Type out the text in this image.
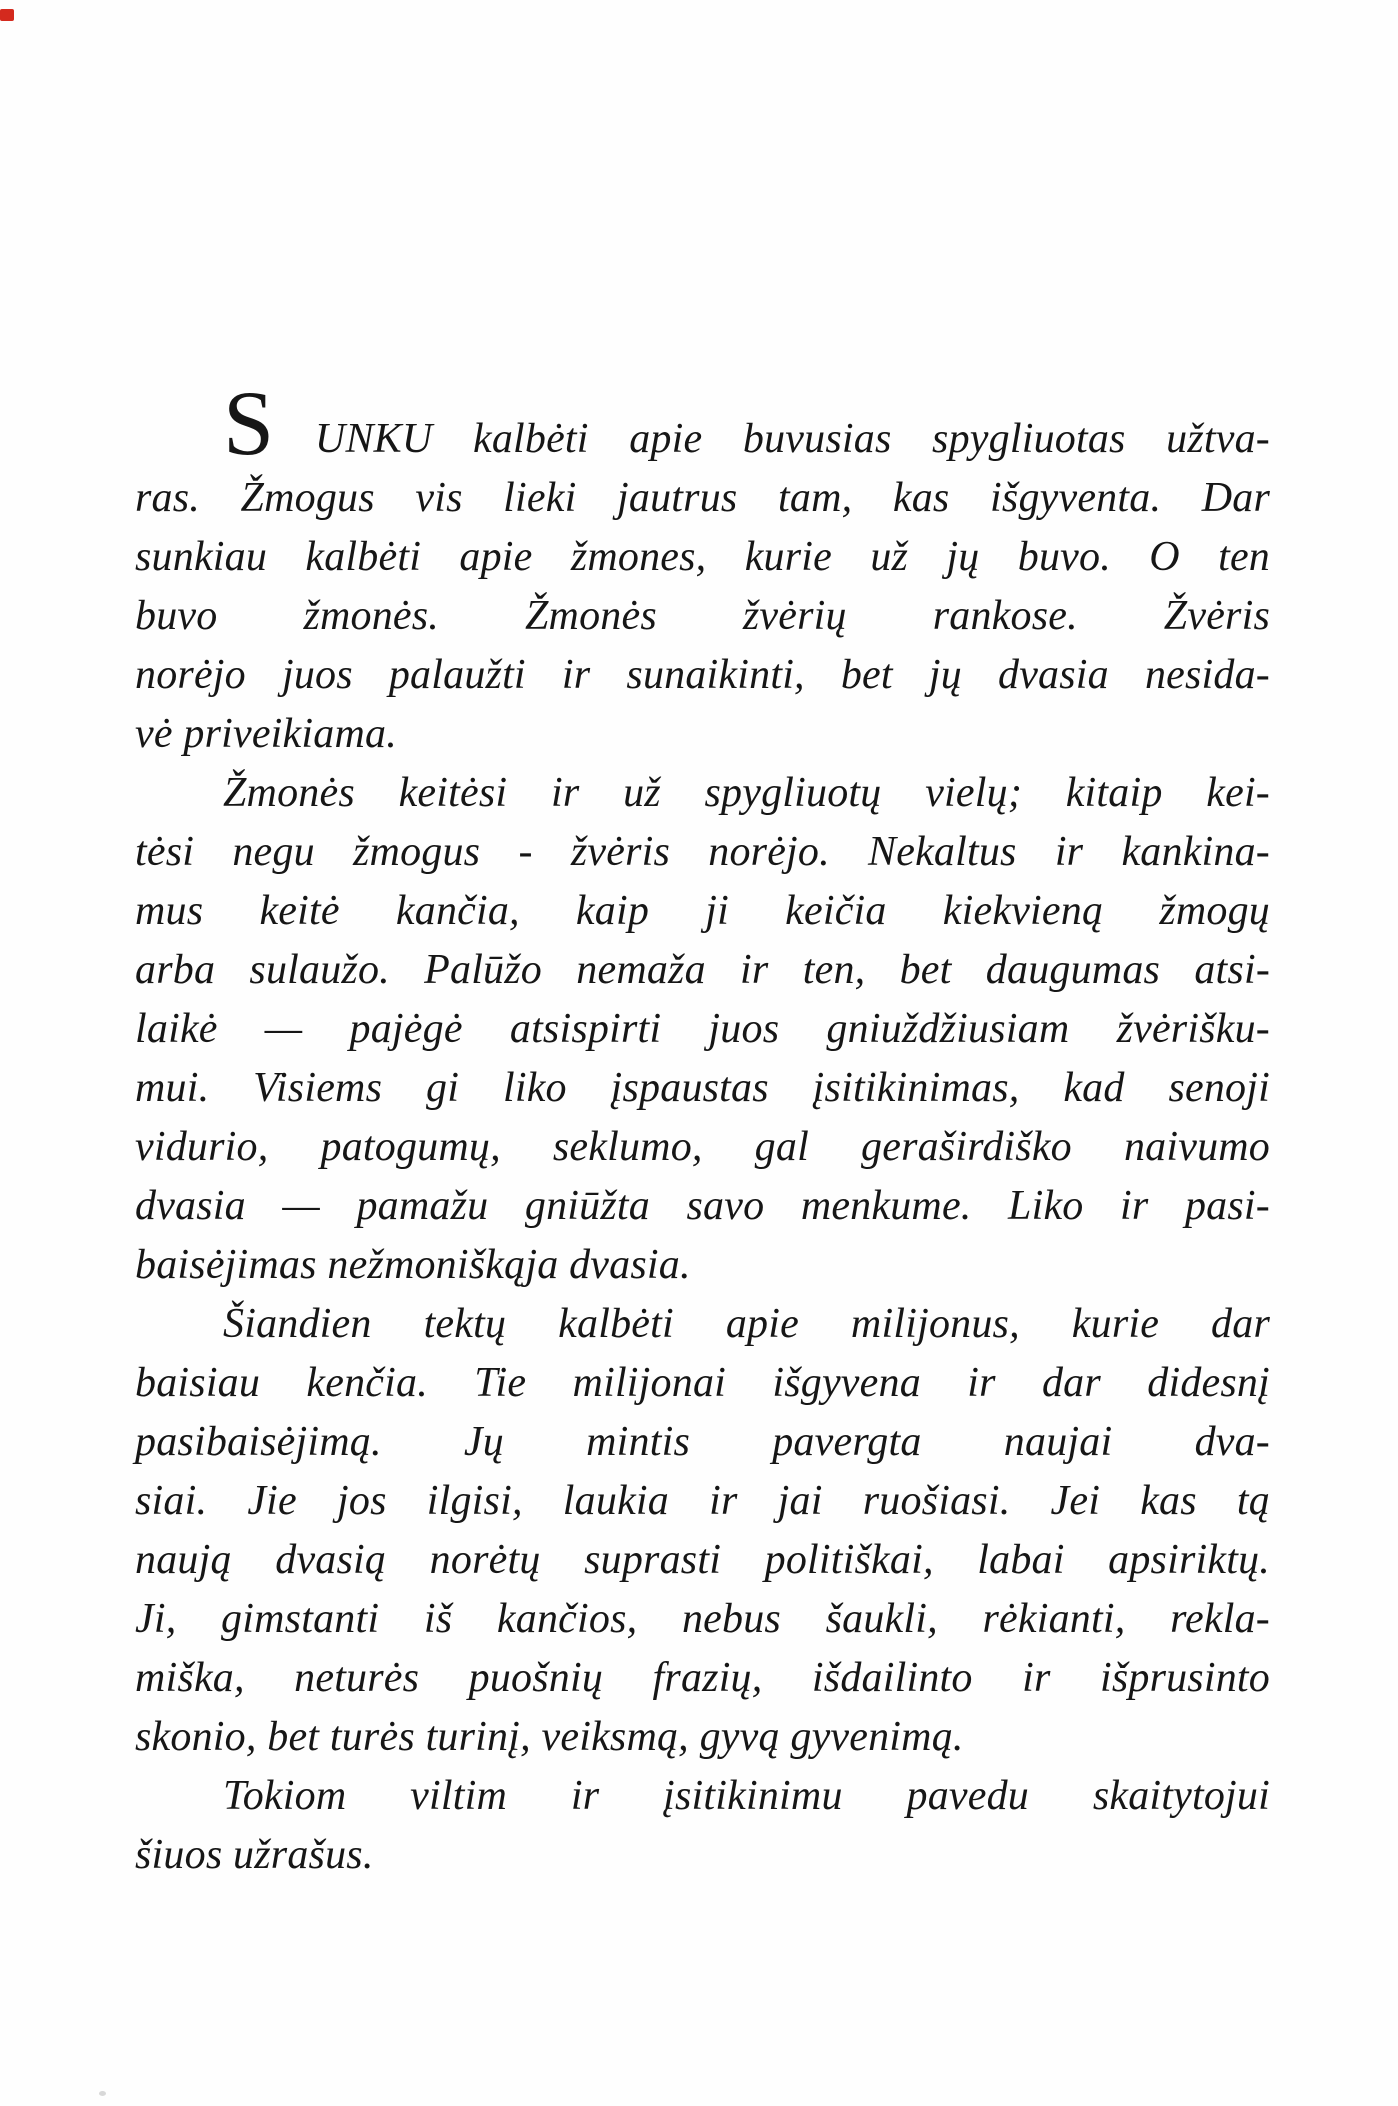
S UNKU kalbėti apie buvusias spygliuotas užtva-
ras. Žmogus vis lieki jautrus tam, kas išgyventa. Dar
sunkiau kalbėti apie žmones, kurie už jų buvo. O ten
buvo žmonės. Žmonės žvėrių rankose. Žvėris
norėjo juos palaužti ir sunaikinti, bet jų dvasia nesida-
vė priveikiama.
Žmonės keitėsi ir už spygliuotų vielų; kitaip kei-
tėsi negu žmogus - žvėris norėjo. Nekaltus ir kankina-
mus keitė kančia, kaip ji keičia kiekvieną žmogų
arba sulaužo. Palūžo nemaža ir ten, bet daugumas atsi-
laikė — pajėgė atsispirti juos gniuždžiusiam žvėrišku-
mui. Visiems gi liko įspaustas įsitikinimas, kad senoji
vidurio, patogumų, seklumo, gal geraširdiško naivumo
dvasia — pamažu gniūžta savo menkume. Liko ir pasi-
baisėjimas nežmoniškąja dvasia.
Šiandien tektų kalbėti apie milijonus, kurie dar
baisiau kenčia. Tie milijonai išgyvena ir dar didesnį
pasibaisėjimą. Jų mintis pavergta naujai dva-
siai. Jie jos ilgisi, laukia ir jai ruošiasi. Jei kas tą
naują dvasią norėtų suprasti politiškai, labai apsiriktų.
Ji, gimstanti iš kančios, nebus šaukli, rėkianti, rekla-
miška, neturės puošnių frazių, išdailinto ir išprusinto
skonio, bet turės turinį, veiksmą, gyvą gyvenimą.
Tokiom viltim ir įsitikinimu pavedu skaitytojui
šiuos užrašus.
